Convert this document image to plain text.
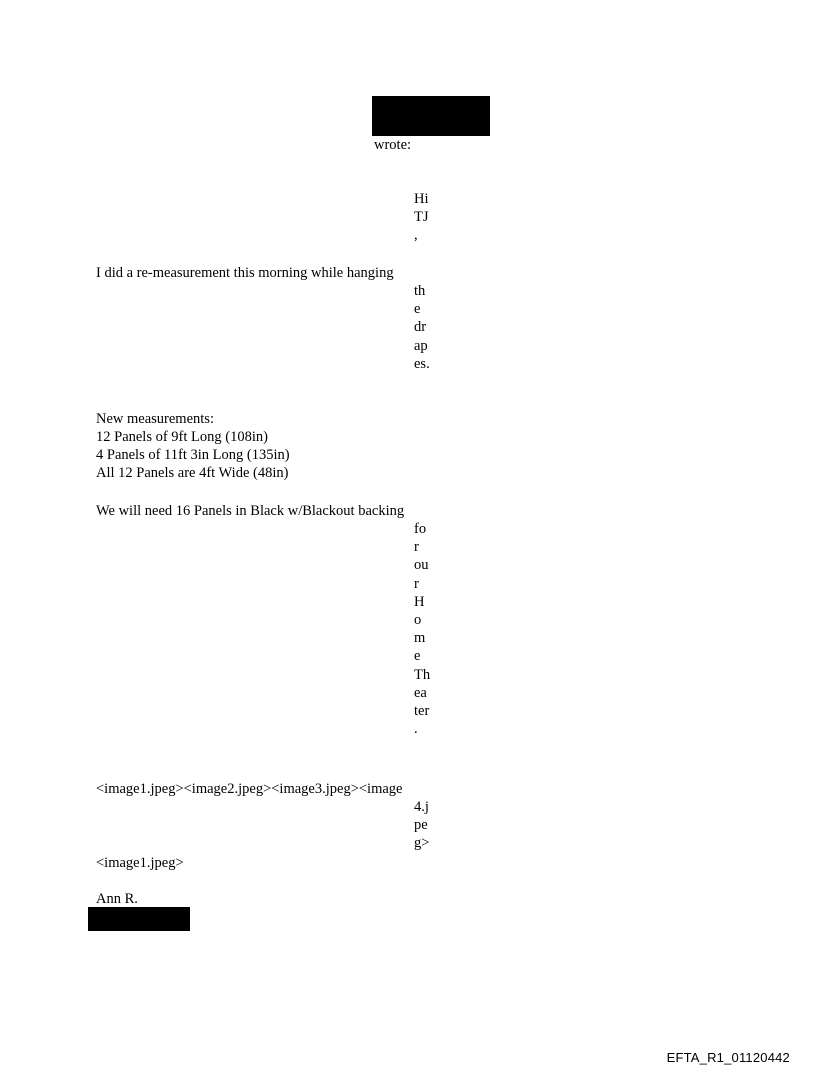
wrote:
Hi
TJ
,
I did a re-measurement this morning while hanging
th
e
dr
ap
es.
New measurements:
12 Panels of 9ft Long (108in)
4 Panels of 11ft 3in Long (135in)
All 12 Panels are 4ft Wide (48in)
We will need 16 Panels in Black w/Blackout backing
fo
r
ou
r
H
o
m
e
Th
ea
ter
.
<image1.jpeg><image2.jpeg><image3.jpeg><image
4.j
pe
g>
<image1.jpeg>
Ann R.
EFTA_R1_01120442
